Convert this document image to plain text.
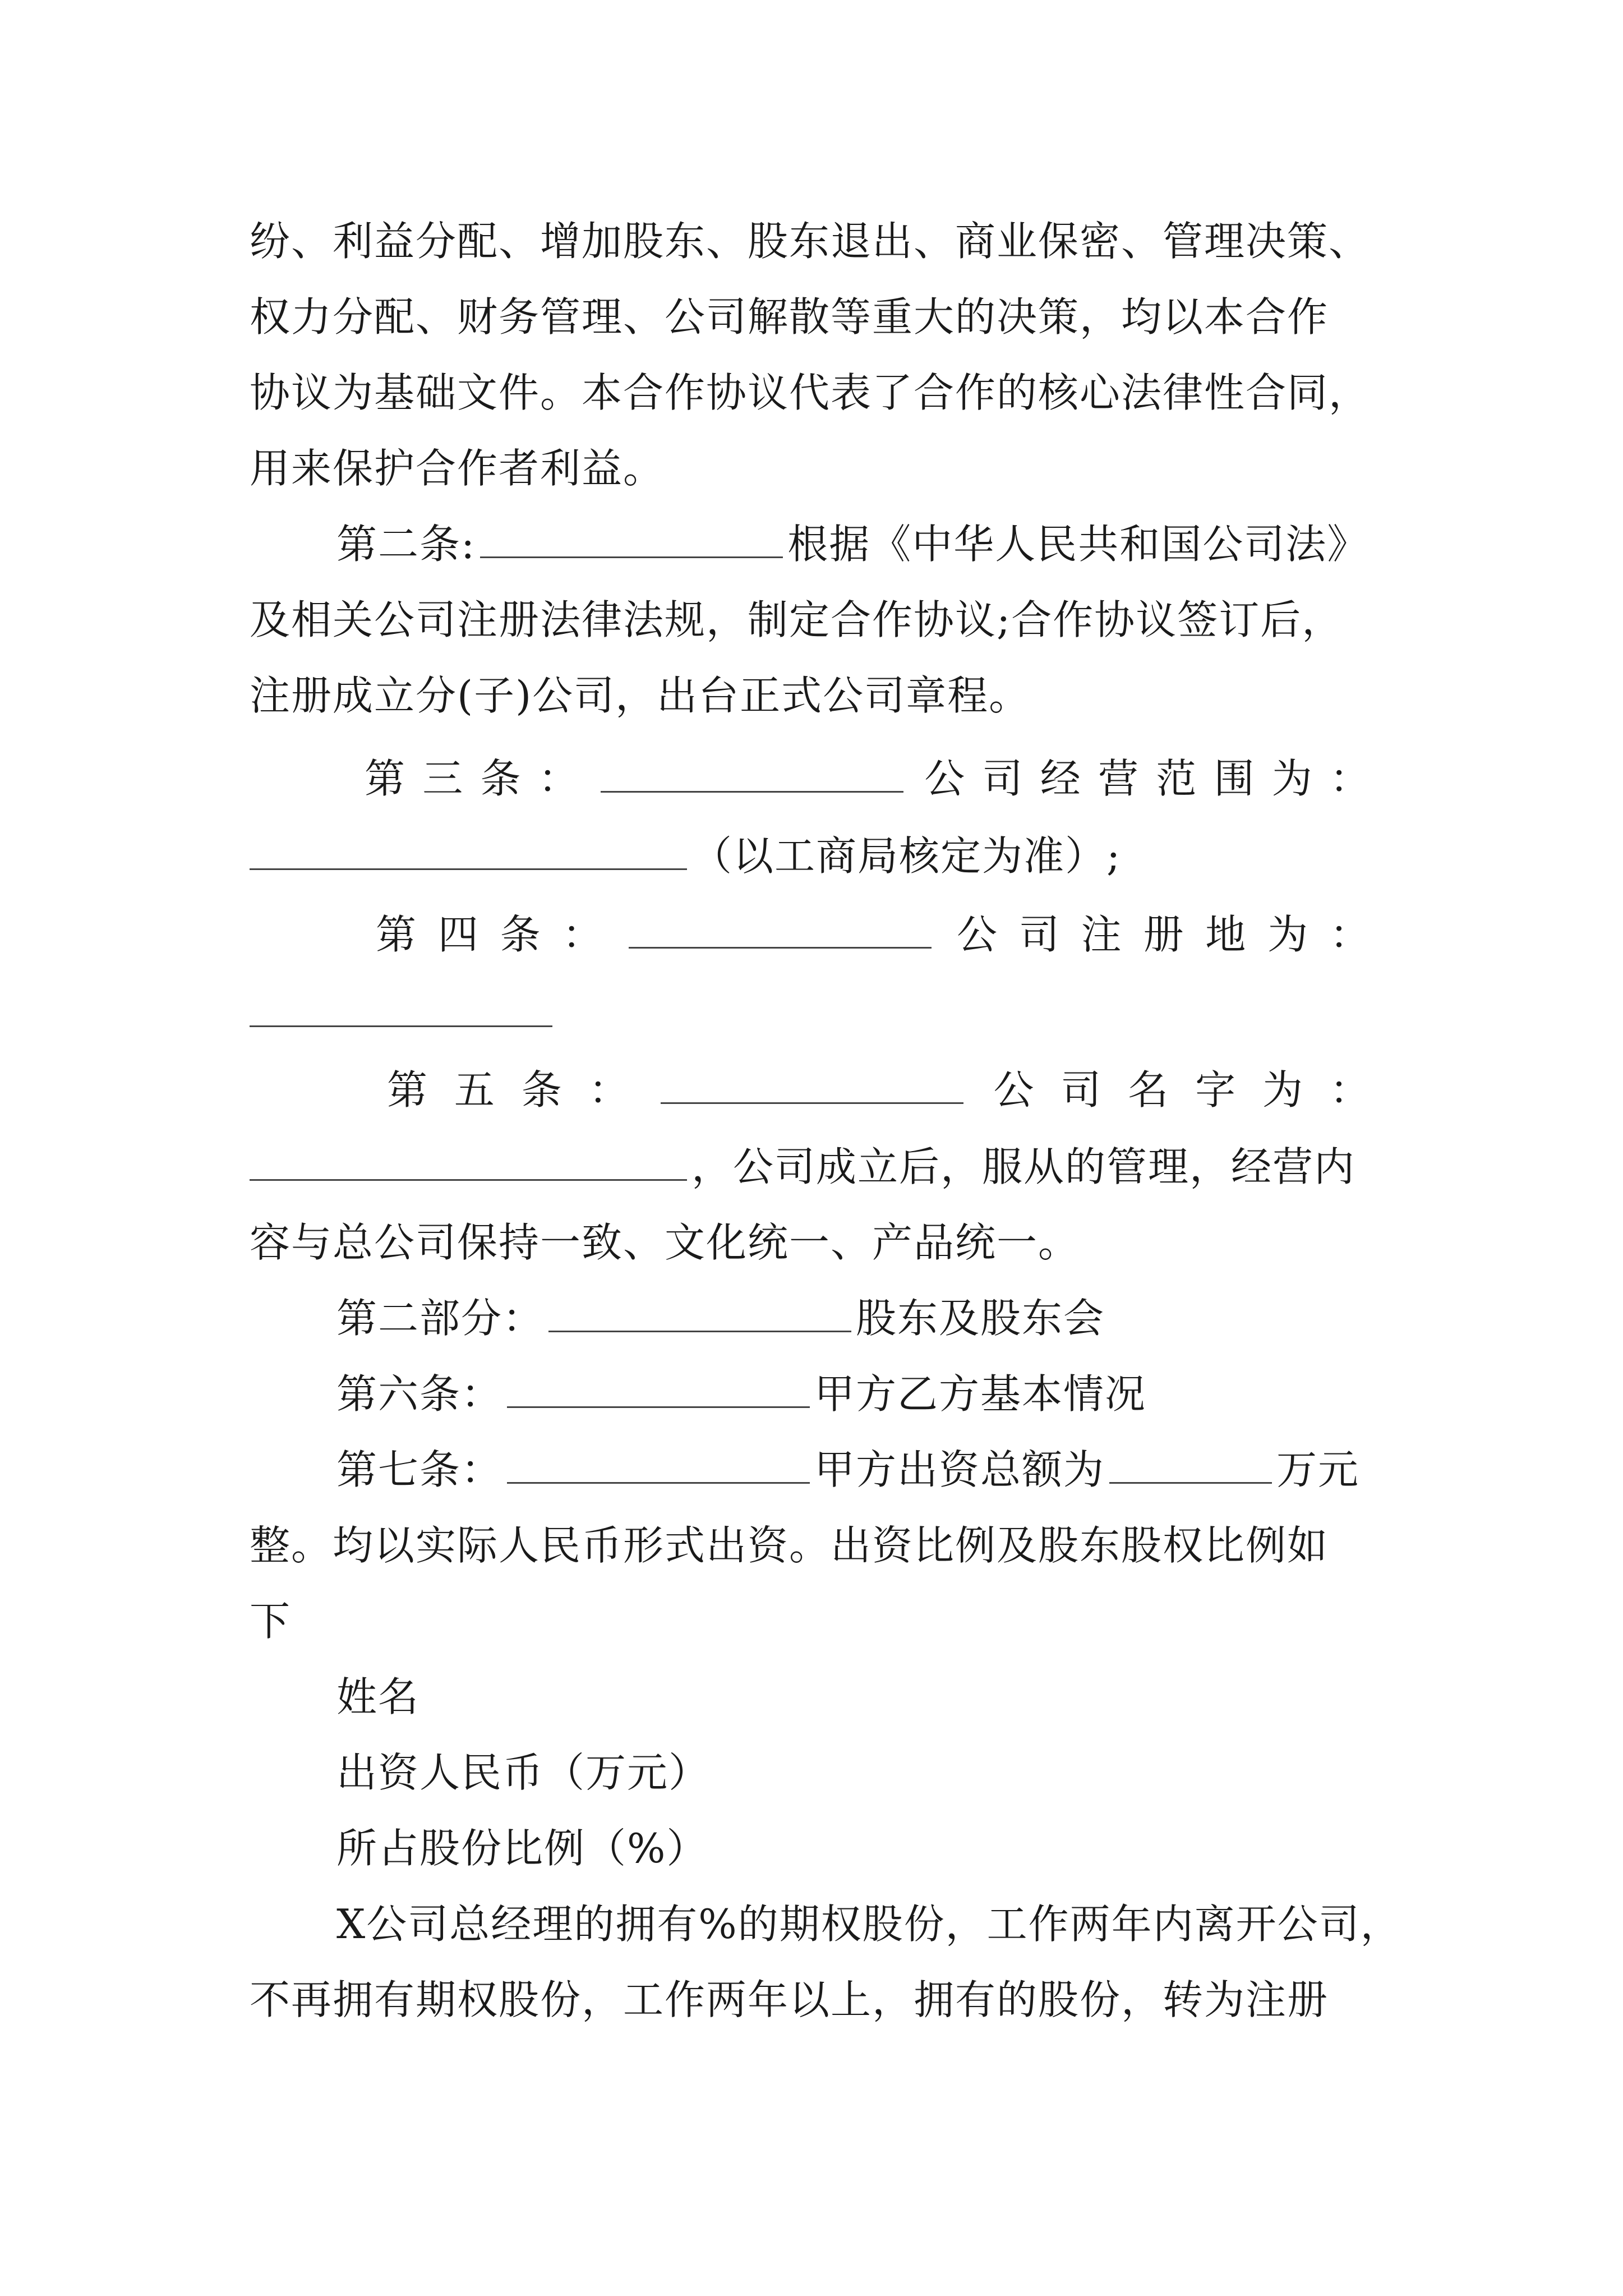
纷、利益分配、增加股东、股东退出、商业保密、管理决策、
权力分配、财务管理、公司解散等重大的决策，均以本合作
协议为基础文件。本合作协议代表了合作的核心法律性合同，
用来保护合作者利益。
第二条:	根据《中华人民共和国公司法》
及相关公司注册法律法规，制定合作协议;合作协议签订后，
注册成立分(子)公司，出台正式公司章程。
第 三 条 ：	公 司 经 营 范 围 为 ：
（以工商局核定为准）;
第 四 条 ：	公 司 注 册 地 为 ：
第 五 条 ：	公 司 名 字 为 ：
，公司成立后，服从的管理，经营内
容与总公司保持一致、文化统一、产品统一。
第二部分：	股东及股东会
第六条：	甲方乙方基本情况
第七条：	甲方出资总额为	万元
整。均以实际人民币形式出资。出资比例及股东股权比例如
下
姓名
出资人民币（万元）
所占股份比例（%）
X公司总经理的拥有%的期权股份，工作两年内离开公司，
不再拥有期权股份，工作两年以上，拥有的股份，转为注册
